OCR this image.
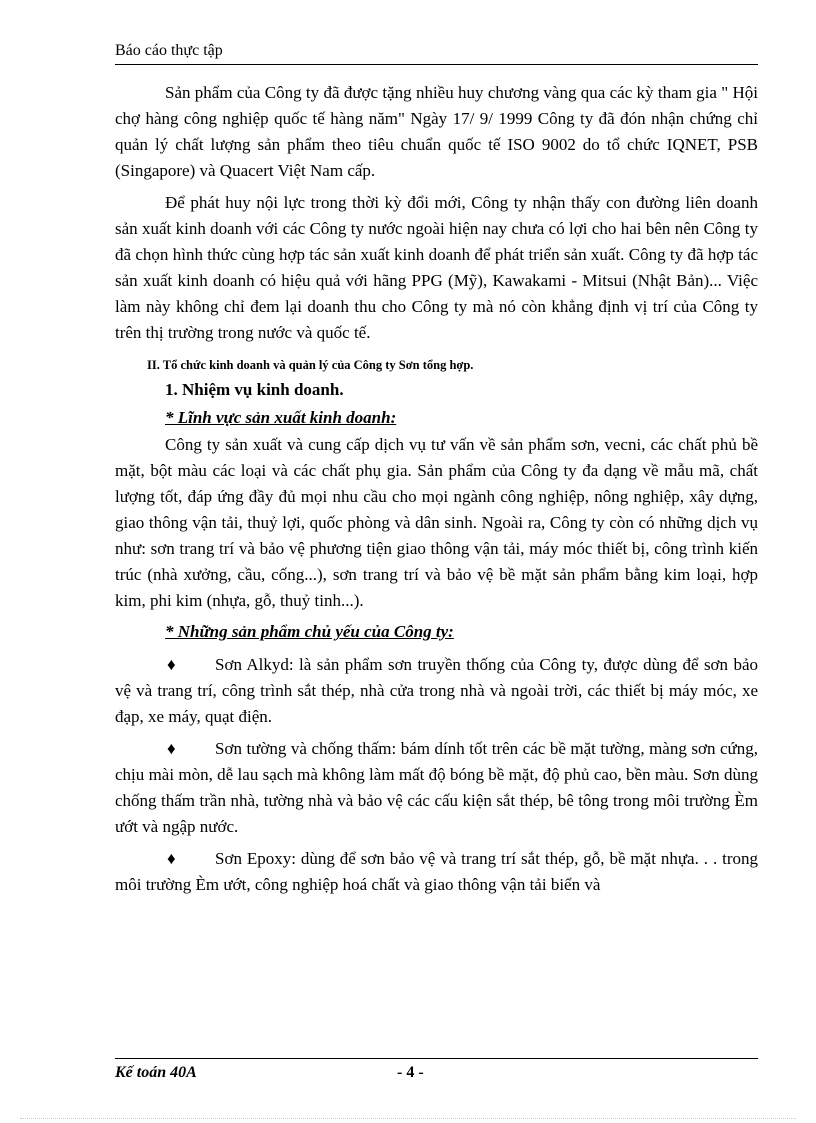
Báo cáo thực tập

Sản phẩm của Công ty đã được tặng nhiều huy chương vàng qua các kỳ tham gia " Hội chợ hàng công nghiệp quốc tế hàng năm" Ngày 17/ 9/ 1999 Công ty đã đón nhận chứng chỉ quản lý chất lượng sản phẩm theo tiêu chuẩn quốc tế ISO 9002 do tổ chức IQNET, PSB (Singapore) và Quacert Việt Nam cấp.

Để phát huy nội lực trong thời kỳ đổi mới, Công ty nhận thấy con đường liên doanh sản xuất kinh doanh với các Công ty nước ngoài hiện nay chưa có lợi cho hai bên nên Công ty đã chọn hình thức cùng hợp tác sản xuất kinh doanh để phát triển sản xuất. Công ty đã hợp tác sản xuất kinh doanh có hiệu quả với hãng PPG (Mỹ), Kawakami - Mitsui (Nhật Bản)... Việc làm này không chỉ đem lại doanh thu cho Công ty mà nó còn khẳng định vị trí của Công ty trên thị trường trong nước và quốc tế.

II. Tổ chức kinh doanh và quản lý của Công ty Sơn tổng hợp.
1. Nhiệm vụ kinh doanh.
* Lĩnh vực sản xuất kinh doanh:

Công ty sản xuất và cung cấp dịch vụ tư vấn về sản phẩm sơn, vecni, các chất phủ bề mặt, bột màu các loại và các chất phụ gia. Sản phẩm của Công ty đa dạng về mẫu mã, chất lượng tốt, đáp ứng đầy đủ mọi nhu cầu cho mọi ngành công nghiệp, nông nghiệp, xây dựng, giao thông vận tải, thuỷ lợi, quốc phòng và dân sinh. Ngoài ra, Công ty còn có những dịch vụ như: sơn trang trí và bảo vệ phương tiện giao thông vận tải, máy móc thiết bị, công trình kiến trúc (nhà xưởng, cầu, cống...), sơn trang trí và bảo vệ bề mặt sản phẩm bằng kim loại, hợp kim, phi kim (nhựa, gỗ, thuỷ tinh...).

* Những sản phẩm chủ yếu của Công ty:

♦ Sơn Alkyd: là sản phẩm sơn truyền thống của Công ty, được dùng để sơn bảo vệ và trang trí, công trình sắt thép, nhà cửa trong nhà và ngoài trời, các thiết bị máy móc, xe đạp, xe máy, quạt điện.

♦ Sơn tường và chống thấm: bám dính tốt trên các bề mặt tường, màng sơn cứng, chịu mài mòn, dễ lau sạch mà không làm mất độ bóng bề mặt, độ phủ cao, bền màu. Sơn dùng chống thấm trần nhà, tường nhà và bảo vệ các cấu kiện sắt thép, bê tông trong môi trường Èm ướt và ngập nước.

♦ Sơn Epoxy: dùng để sơn bảo vệ và trang trí sắt thép, gỗ, bề mặt nhựa. . . trong môi trường Èm ướt, công nghiệp hoá chất và giao thông vận tải biển và

Kế toán 40A	- 4 -
